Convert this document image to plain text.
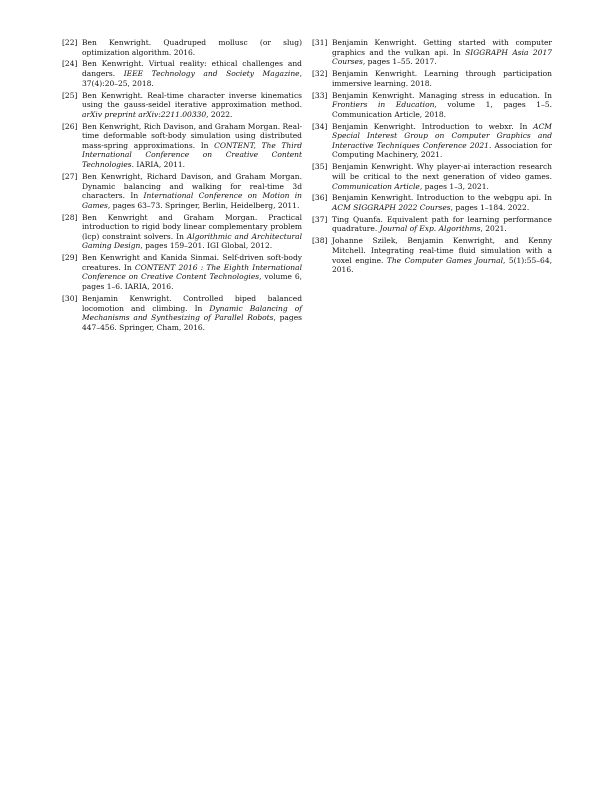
[22] Ben Kenwright. Quadruped mollusc (or slug) optimization algorithm. 2016.
[24] Ben Kenwright. Virtual reality: ethical challenges and dangers. IEEE Technology and Society Magazine, 37(4):20–25, 2018.
[25] Ben Kenwright. Real-time character inverse kinematics using the gauss-seidel iterative approximation method. arXiv preprint arXiv:2211.00330, 2022.
[26] Ben Kenwright, Rich Davison, and Graham Morgan. Real-time deformable soft-body simulation using distributed mass-spring approximations. In CONTENT, The Third International Conference on Creative Content Technologies. IARIA, 2011.
[27] Ben Kenwright, Richard Davison, and Graham Morgan. Dynamic balancing and walking for real-time 3d characters. In International Conference on Motion in Games, pages 63–73. Springer, Berlin, Heidelberg, 2011.
[28] Ben Kenwright and Graham Morgan. Practical introduction to rigid body linear complementary problem (lcp) constraint solvers. In Algorithmic and Architectural Gaming Design, pages 159–201. IGI Global, 2012.
[29] Ben Kenwright and Kanida Sinmai. Self-driven soft-body creatures. In CONTENT 2016 : The Eighth International Conference on Creative Content Technologies, volume 6, pages 1–6. IARIA, 2016.
[30] Benjamin Kenwright. Controlled biped balanced locomotion and climbing. In Dynamic Balancing of Mechanisms and Synthesizing of Parallel Robots, pages 447–456. Springer, Cham, 2016.
[31] Benjamin Kenwright. Getting started with computer graphics and the vulkan api. In SIGGRAPH Asia 2017 Courses, pages 1–55. 2017.
[32] Benjamin Kenwright. Learning through participation immersive learning. 2018.
[33] Benjamin Kenwright. Managing stress in education. In Frontiers in Education, volume 1, pages 1–5. Communication Article, 2018.
[34] Benjamin Kenwright. Introduction to webxr. In ACM Special Interest Group on Computer Graphics and Interactive Techniques Conference 2021. Association for Computing Machinery, 2021.
[35] Benjamin Kenwright. Why player-ai interaction research will be critical to the next generation of video games. Communication Article, pages 1–3, 2021.
[36] Benjamin Kenwright. Introduction to the webgpu api. In ACM SIGGRAPH 2022 Courses, pages 1–184. 2022.
[37] Ting Quanfa. Equivalent path for learning performance quadrature. Journal of Exp. Algorithms, 2021.
[38] Johanne Szilek, Benjamin Kenwright, and Kenny Mitchell. Integrating real-time fluid simulation with a voxel engine. The Computer Games Journal, 5(1):55–64, 2016.
